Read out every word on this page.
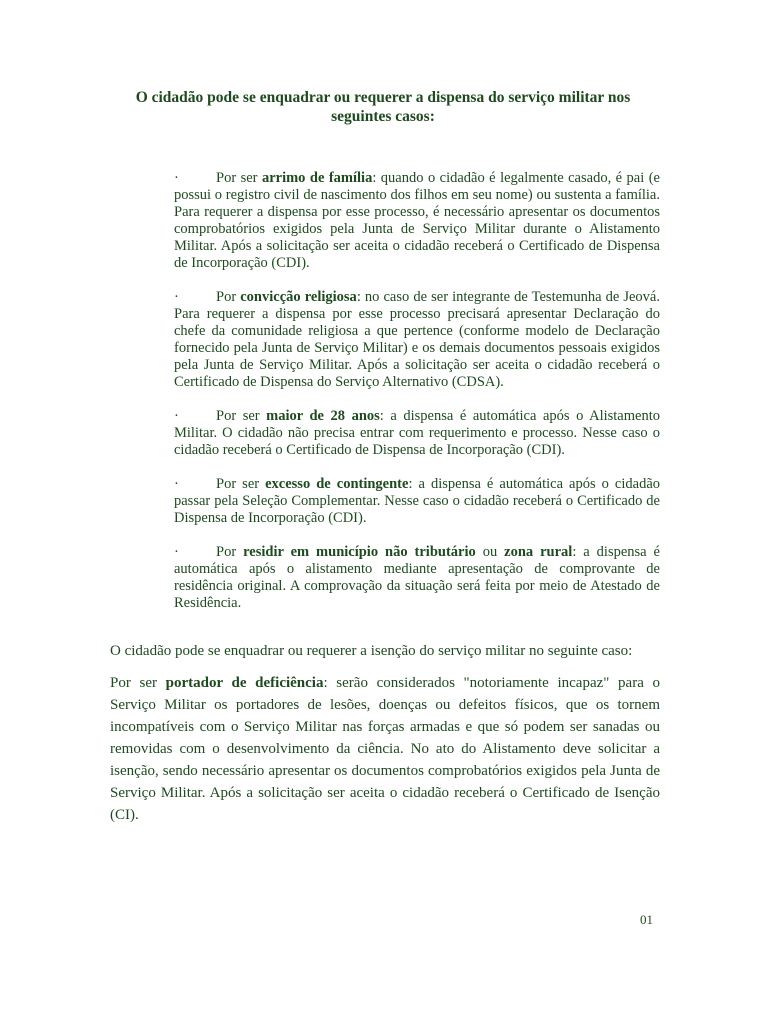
O cidadão pode se enquadrar ou requerer a dispensa do serviço militar nos seguintes casos:
·	Por ser arrimo de família: quando o cidadão é legalmente casado, é pai (e possui o registro civil de nascimento dos filhos em seu nome) ou sustenta a família. Para requerer a dispensa por esse processo, é necessário apresentar os documentos comprobatórios exigidos pela Junta de Serviço Militar durante o Alistamento Militar. Após a solicitação ser aceita o cidadão receberá o Certificado de Dispensa de Incorporação (CDI).
·	Por convicção religiosa: no caso de ser integrante de Testemunha de Jeová. Para requerer a dispensa por esse processo precisará apresentar Declaração do chefe da comunidade religiosa a que pertence (conforme modelo de Declaração fornecido pela Junta de Serviço Militar) e os demais documentos pessoais exigidos pela Junta de Serviço Militar. Após a solicitação ser aceita o cidadão receberá o Certificado de Dispensa do Serviço Alternativo (CDSA).
·	Por ser maior de 28 anos: a dispensa é automática após o Alistamento Militar. O cidadão não precisa entrar com requerimento e processo. Nesse caso o cidadão receberá o Certificado de Dispensa de Incorporação (CDI).
·	Por ser excesso de contingente: a dispensa é automática após o cidadão passar pela Seleção Complementar. Nesse caso o cidadão receberá o Certificado de Dispensa de Incorporação (CDI).
·	Por residir em município não tributário ou zona rural: a dispensa é automática após o alistamento mediante apresentação de comprovante de residência original. A comprovação da situação será feita por meio de Atestado de Residência.

O cidadão pode se enquadrar ou requerer a isenção do serviço militar no seguinte caso:

Por ser portador de deficiência: serão considerados "notoriamente incapaz" para o Serviço Militar os portadores de lesões, doenças ou defeitos físicos, que os tornem incompatíveis com o Serviço Militar nas forças armadas e que só podem ser sanadas ou removidas com o desenvolvimento da ciência. No ato do Alistamento deve solicitar a isenção, sendo necessário apresentar os documentos comprobatórios exigidos pela Junta de Serviço Militar. Após a solicitação ser aceita o cidadão receberá o Certificado de Isenção (CI).

01
